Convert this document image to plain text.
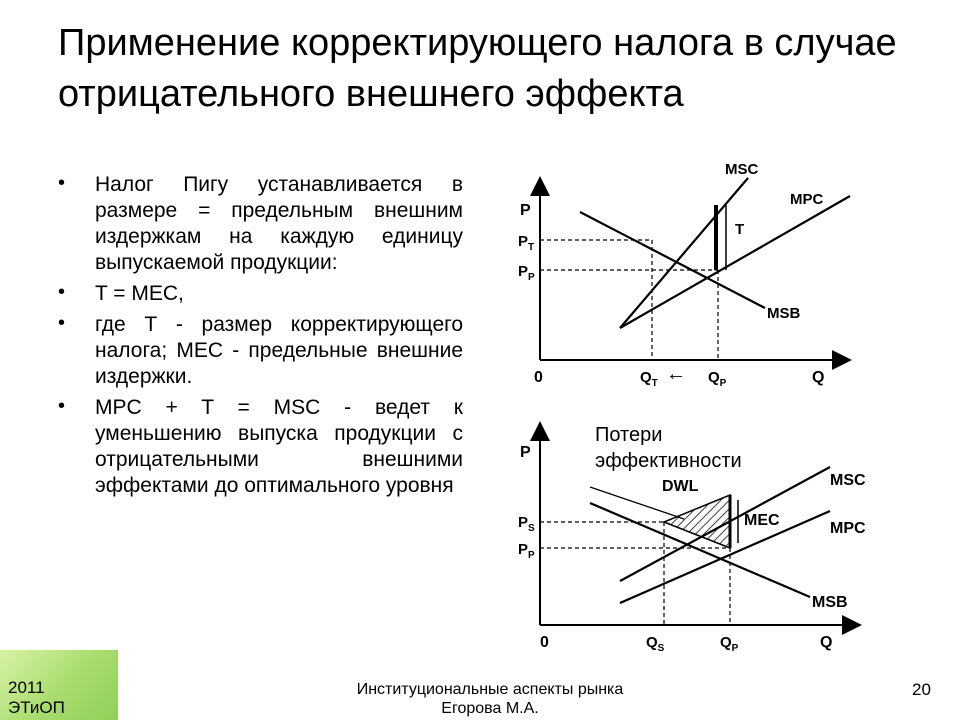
Применение корректирующего налога в случае отрицательного внешнего эффекта
• Налог Пигу устанавливается в размере = предельным внешним издержкам на каждую единицу выпускаемой продукции:
• T = MEC,
• где Т - размер корректирующего налога; MEC - предельные внешние издержки.
• MPC + T = MSC - ведет к уменьшению выпуска продукции с отрицательными внешними эффектами до оптимального уровня
P
$P_T$
$P_P$
0	$Q_T$ ← $Q_P$	Q
MSC
MPC
MSB
T
P
$P_S$
$P_P$
0	$Q_S$	$Q_P$	Q
MSC
MPC
MSB
MEC
DWL
Потери
эффективности
2011
ЭТиОП
Институциональные аспекты рынка
Егорова М.А.
20
